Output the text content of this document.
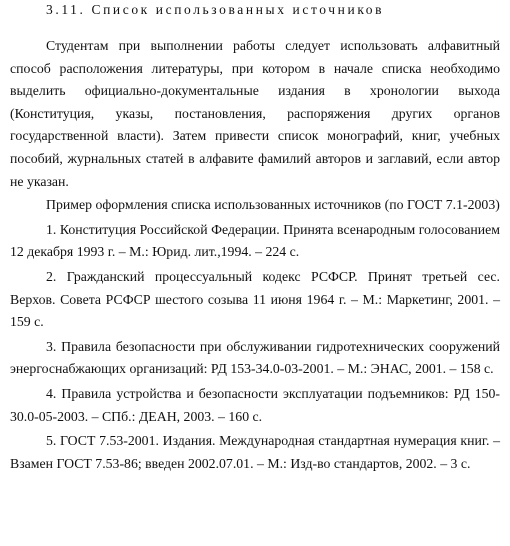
3.11. Список использованных источников

Студентам при выполнении работы следует использовать алфавитный способ расположения литературы, при котором в начале списка необходимо выделить официально-документальные издания в хронологии выхода (Конституция, указы, постановления, распоряжения других органов государственной власти). Затем привести список монографий, книг, учебных пособий, журнальных статей в алфавите фамилий авторов и заглавий, если автор не указан.

Пример оформления списка использованных источников (по ГОСТ 7.1-2003)

1. Конституция Российской Федерации. Принята всенародным голосованием 12 декабря 1993 г. – М.: Юрид. лит.,1994. – 224 с.

2. Гражданский процессуальный кодекс РСФСР. Принят третьей сес. Верхов. Совета РСФСР шестого созыва 11 июня 1964 г. – М.: Маркетинг, 2001. – 159 с.

3. Правила безопасности при обслуживании гидротехнических сооружений энергоснабжающих организаций: РД 153-34.0-03-2001. – М.: ЭНАС, 2001. – 158 с.

4. Правила устройства и безопасности эксплуатации подъемников: РД 150-30.0-05-2003. – СПб.: ДЕАН, 2003. – 160 с.

5. ГОСТ 7.53-2001. Издания. Международная стандартная нумерация книг. – Взамен ГОСТ 7.53-86; введен 2002.07.01. – М.: Изд-во стандартов, 2002. – 3 с.
